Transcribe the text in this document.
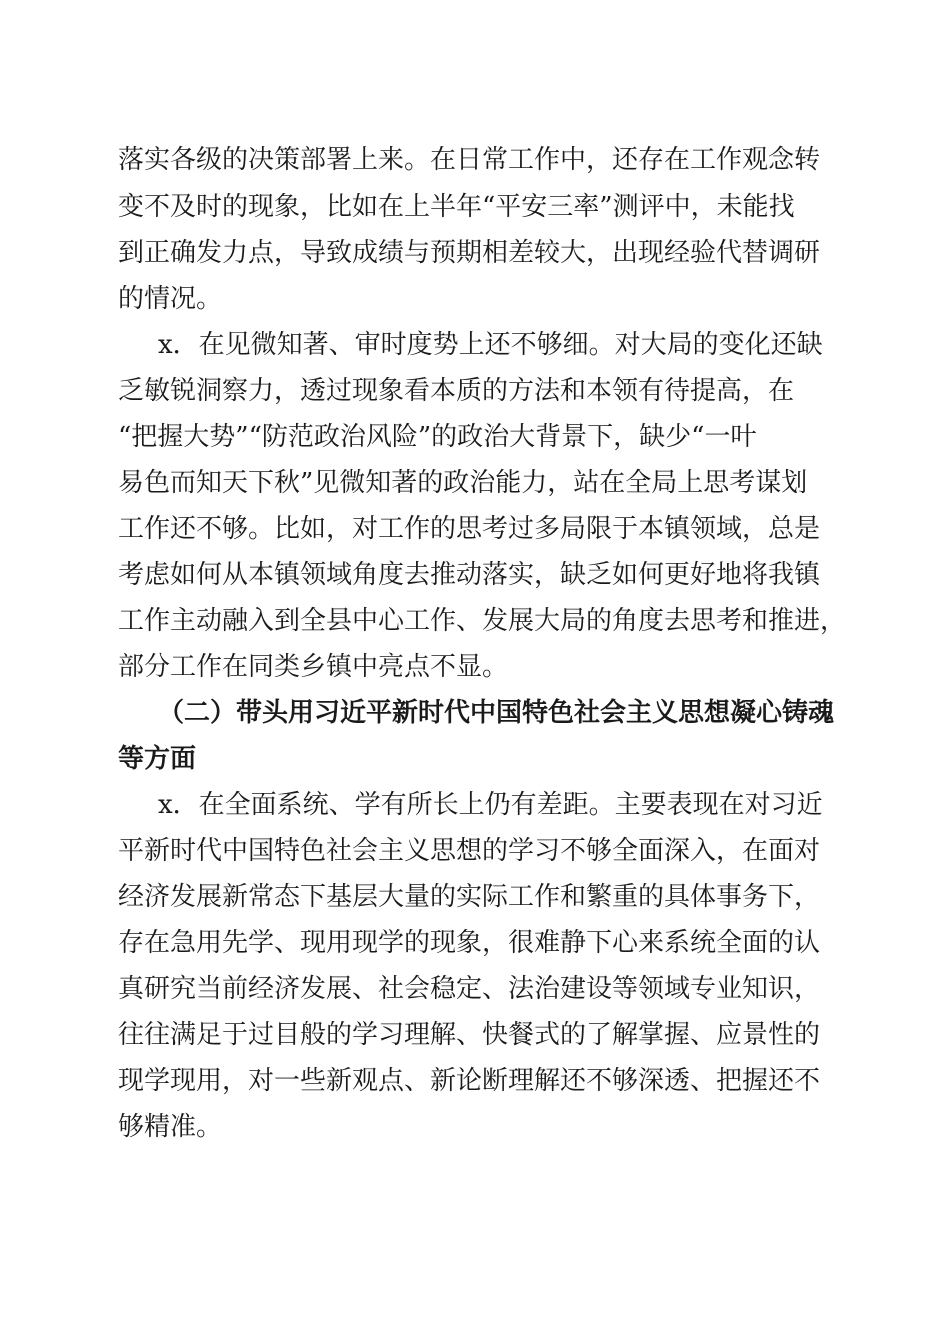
落实各级的决策部署上来。在日常工作中，还存在工作观念转
变不及时的现象，比如在上半年“平安三率”测评中，未能找
到正确发力点，导致成绩与预期相差较大，出现经验代替调研
的情况。
x．在见微知著、审时度势上还不够细。对大局的变化还缺
乏敏锐洞察力，透过现象看本质的方法和本领有待提高，在
“把握大势”“防范政治风险”的政治大背景下，缺少“一叶
易色而知天下秋”见微知著的政治能力，站在全局上思考谋划
工作还不够。比如，对工作的思考过多局限于本镇领域，总是
考虑如何从本镇领域角度去推动落实，缺乏如何更好地将我镇
工作主动融入到全县中心工作、发展大局的角度去思考和推进，
部分工作在同类乡镇中亮点不显。
（二）带头用习近平新时代中国特色社会主义思想凝心铸魂
等方面
x．在全面系统、学有所长上仍有差距。主要表现在对习近
平新时代中国特色社会主义思想的学习不够全面深入，在面对
经济发展新常态下基层大量的实际工作和繁重的具体事务下，
存在急用先学、现用现学的现象，很难静下心来系统全面的认
真研究当前经济发展、社会稳定、法治建设等领域专业知识，
往往满足于过目般的学习理解、快餐式的了解掌握、应景性的
现学现用，对一些新观点、新论断理解还不够深透、把握还不
够精准。
